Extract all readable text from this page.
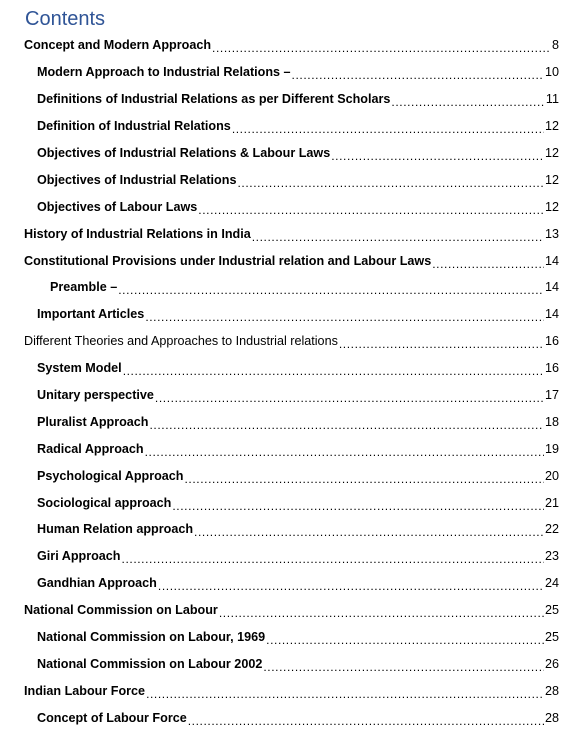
Contents
Concept and Modern Approach .....	8
Modern Approach to Industrial Relations – .....	10
Definitions of Industrial Relations as per Different Scholars .....	11
Definition of Industrial Relations .....	12
Objectives of Industrial Relations & Labour Laws .....	12
Objectives of Industrial Relations .....	12
Objectives of Labour Laws .....	12
History of Industrial Relations in India .....	13
Constitutional Provisions under Industrial relation and Labour Laws .....	14
Preamble – .....	14
Important Articles .....	14
Different Theories and Approaches to Industrial relations .....	16
System Model .....	16
Unitary perspective .....	17
Pluralist Approach .....	18
Radical Approach .....	19
Psychological Approach .....	20
Sociological approach .....	21
Human Relation approach .....	22
Giri Approach .....	23
Gandhian Approach .....	24
National Commission on Labour .....	25
National Commission on Labour, 1969 .....	25
National Commission on Labour 2002 .....	26
Indian Labour Force .....	28
Concept of Labour Force .....	28
